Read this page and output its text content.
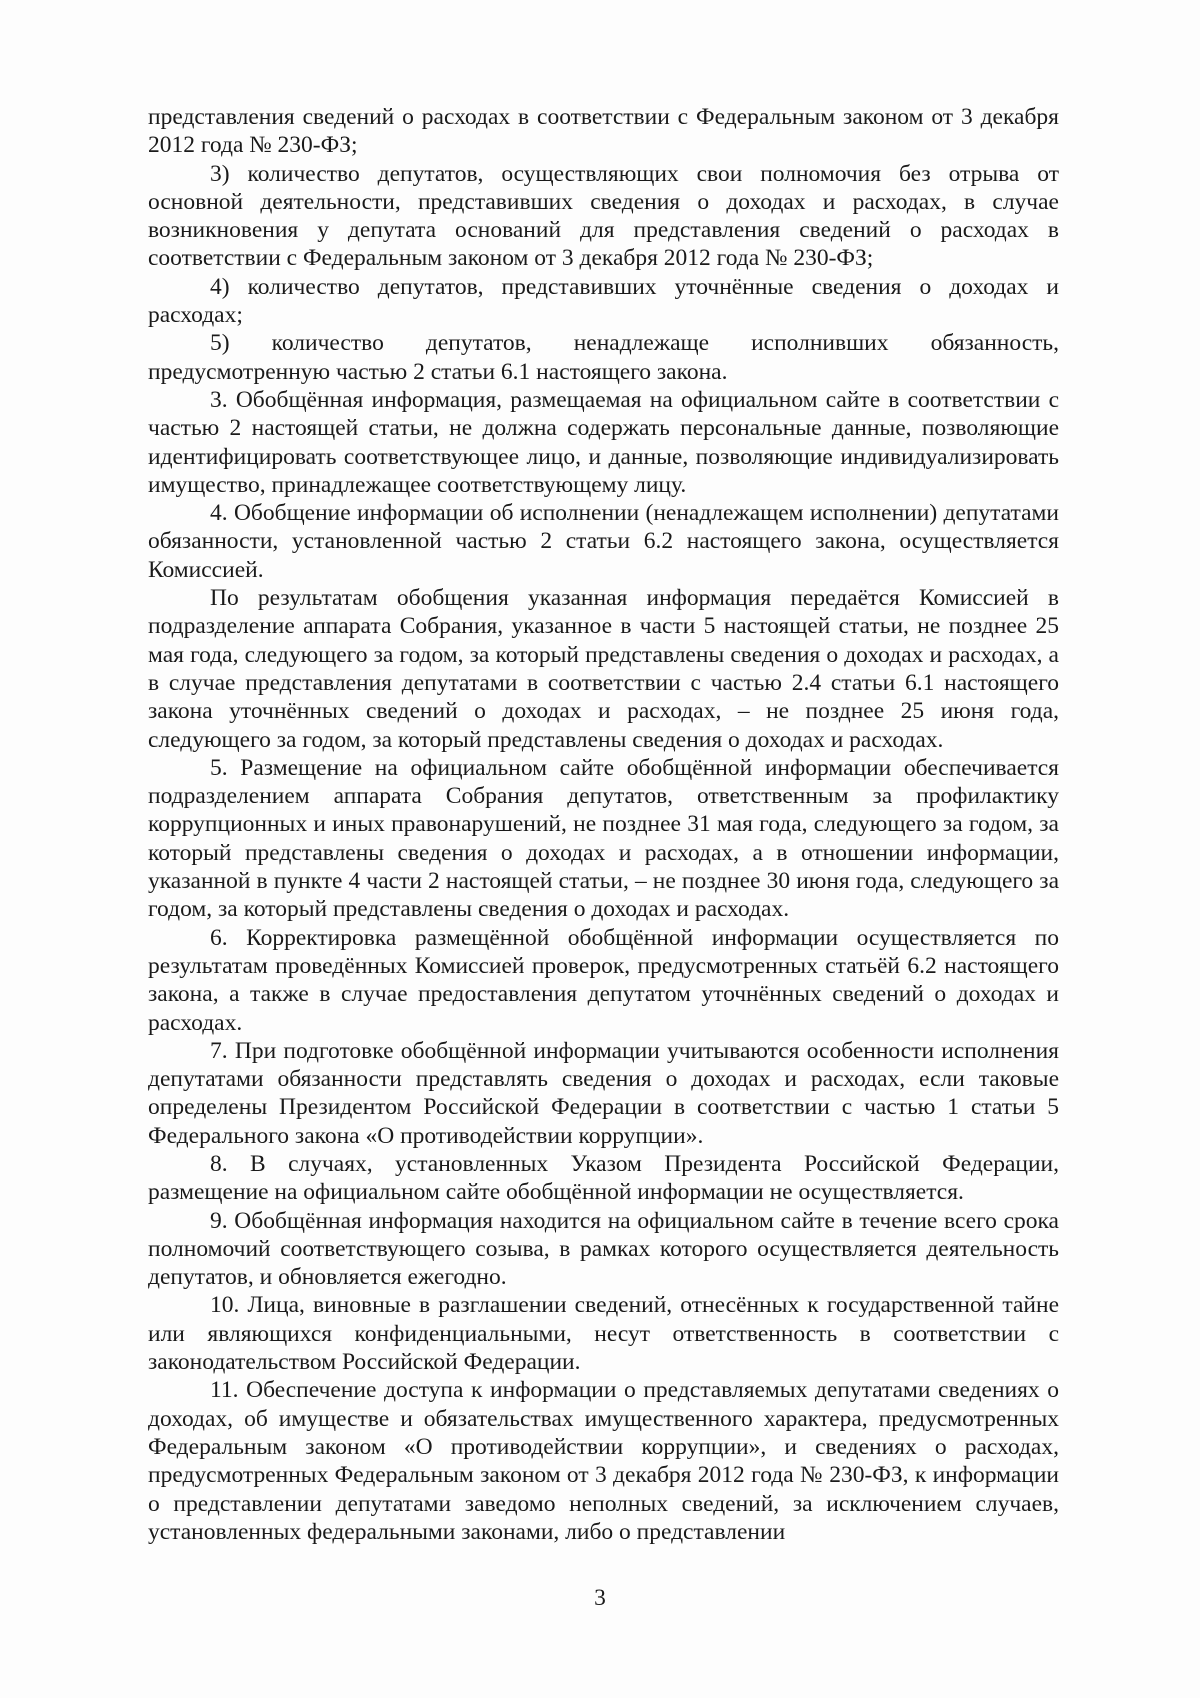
представления сведений о расходах в соответствии с Федеральным законом от 3 декабря 2012 года № 230-ФЗ;

3) количество депутатов, осуществляющих свои полномочия без отрыва от основной деятельности, представивших сведения о доходах и расходах, в случае возникновения у депутата оснований для представления сведений о расходах в соответствии с Федеральным законом от 3 декабря 2012 года № 230-ФЗ;

4) количество депутатов, представивших уточнённые сведения о доходах и расходах;

5) количество депутатов, ненадлежаще исполнивших обязанность, предусмотренную частью 2 статьи 6.1 настоящего закона.

3. Обобщённая информация, размещаемая на официальном сайте в соответствии с частью 2 настоящей статьи, не должна содержать персональные данные, позволяющие идентифицировать соответствующее лицо, и данные, позволяющие индивидуализировать имущество, принадлежащее соответствующему лицу.

4. Обобщение информации об исполнении (ненадлежащем исполнении) депутатами обязанности, установленной частью 2 статьи 6.2 настоящего закона, осуществляется Комиссией.

По результатам обобщения указанная информация передаётся Комиссией в подразделение аппарата Собрания, указанное в части 5 настоящей статьи, не позднее 25 мая года, следующего за годом, за который представлены сведения о доходах и расходах, а в случае представления депутатами в соответствии с частью 2.4 статьи 6.1 настоящего закона уточнённых сведений о доходах и расходах, – не позднее 25 июня года, следующего за годом, за который представлены сведения о доходах и расходах.

5. Размещение на официальном сайте обобщённой информации обеспечивается подразделением аппарата Собрания депутатов, ответственным за профилактику коррупционных и иных правонарушений, не позднее 31 мая года, следующего за годом, за который представлены сведения о доходах и расходах, а в отношении информации, указанной в пункте 4 части 2 настоящей статьи, – не позднее 30 июня года, следующего за годом, за который представлены сведения о доходах и расходах.

6. Корректировка размещённой обобщённой информации осуществляется по результатам проведённых Комиссией проверок, предусмотренных статьёй 6.2 настоящего закона, а также в случае предоставления депутатом уточнённых сведений о доходах и расходах.

7. При подготовке обобщённой информации учитываются особенности исполнения депутатами обязанности представлять сведения о доходах и расходах, если таковые определены Президентом Российской Федерации в соответствии с частью 1 статьи 5 Федерального закона «О противодействии коррупции».

8. В случаях, установленных Указом Президента Российской Федерации, размещение на официальном сайте обобщённой информации не осуществляется.

9. Обобщённая информация находится на официальном сайте в течение всего срока полномочий соответствующего созыва, в рамках которого осуществляется деятельность депутатов, и обновляется ежегодно.

10. Лица, виновные в разглашении сведений, отнесённых к государственной тайне или являющихся конфиденциальными, несут ответственность в соответствии с законодательством Российской Федерации.

11. Обеспечение доступа к информации о представляемых депутатами сведениях о доходах, об имуществе и обязательствах имущественного характера, предусмотренных Федеральным законом «О противодействии коррупции», и сведениях о расходах, предусмотренных Федеральным законом от 3 декабря 2012 года № 230-ФЗ, к информации о представлении депутатами заведомо неполных сведений, за исключением случаев, установленных федеральными законами, либо о представлении

3
